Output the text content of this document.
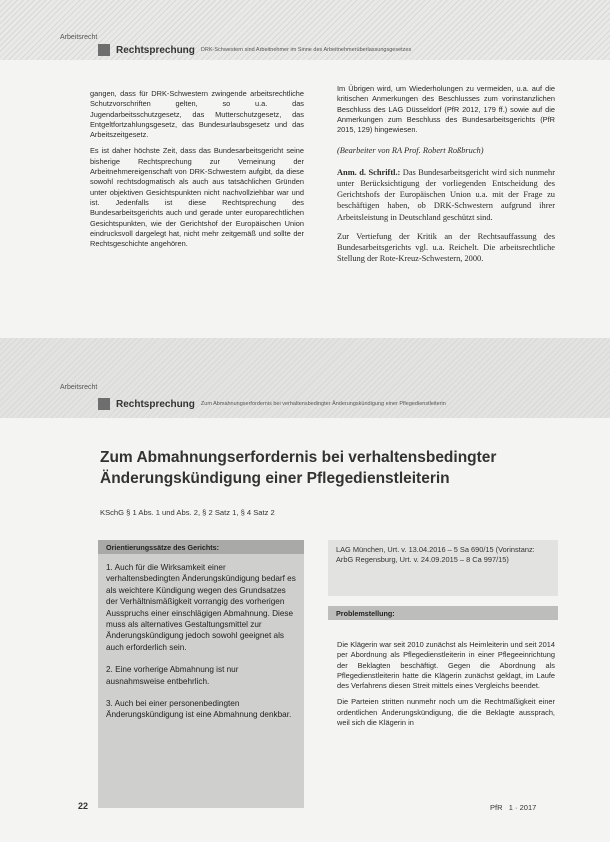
Arbeitsrecht
Rechtsprechung DRK-Schwestern sind Arbeitnehmer im Sinne des Arbeitnehmerüberlassungsgesetzes

gangen, dass für DRK-Schwestern zwingende arbeitsrechtliche Schutzvorschriften gelten, so u.a. das Jugendarbeitsschutzgesetz, das Mutterschutzgesetz, das Entgeltfortzahlungsgesetz, das Bundesurlaubsgesetz und das Arbeitszeitgesetz.

Es ist daher höchste Zeit, dass das Bundesarbeitsgericht seine bisherige Rechtsprechung zur Verneinung der Arbeitnehmereigenschaft von DRK-Schwestern aufgibt, da diese sowohl rechtsdogmatisch als auch aus tatsächlichen Gründen unter objektiven Gesichtspunkten nicht nachvollziehbar war und ist. Jedenfalls ist diese Rechtsprechung des Bundesarbeitsgerichts auch und gerade unter europarechtlichen Gesichtspunkten, wie der Gerichtshof der Europäischen Union eindrucksvoll dargelegt hat, nicht mehr zeitgemäß und sollte der Rechtsgeschichte angehören.

Im Übrigen wird, um Wiederholungen zu vermeiden, u.a. auf die kritischen Anmerkungen des Beschlusses zum vorinstanzlichen Beschluss des LAG Düsseldorf (PfR 2012, 179 ff.) sowie auf die Anmerkungen zum Beschluss des Bundesarbeitsgerichts (PfR 2015, 129) hingewiesen.

(Bearbeiter von RA Prof. Robert Roßbruch)

Anm. d. Schriftl.: Das Bundesarbeitsgericht wird sich nunmehr unter Berücksichtigung der vorliegenden Entscheidung des Gerichtshofs der Europäischen Union u.a. mit der Frage zu beschäftigen haben, ob DRK-Schwestern aufgrund ihrer Arbeitsleistung in Deutschland geschützt sind.

Zur Vertiefung der Kritik an der Rechtsauffassung des Bundesarbeitsgerichts vgl. u.a. Reichelt. Die arbeitsrechtliche Stellung der Rote-Kreuz-Schwestern, 2000.

Arbeitsrecht
Rechtsprechung Zum Abmahnungserfordernis bei verhaltensbedingter Änderungskündigung einer Pflegedienstleiterin
Zum Abmahnungserfordernis bei verhaltensbedingter Änderungskündigung einer Pflegedienstleiterin
KSchG § 1 Abs. 1 und Abs. 2, § 2 Satz 1, § 4 Satz 2
Orientierungssätze des Gerichts:

1. Auch für die Wirksamkeit einer verhaltensbedingten Änderungskündigung bedarf es als weichtere Kündigung wegen des Grundsatzes der Verhältnismäßigkeit vorrangig des vorherigen Ausspruchs einer einschlägigen Abmahnung. Diese muss als alternatives Gestaltungsmittel zur Änderungskündigung jedoch sowohl geeignet als auch erforderlich sein.

2. Eine vorherige Abmahnung ist nur ausnahmsweise entbehrlich.

3. Auch bei einer personenbedingten Änderungskündigung ist eine Abmahnung denkbar.

LAG München, Urt. v. 13.04.2016 – 5 Sa 690/15 (Vorinstanz: ArbG Regensburg, Urt. v. 24.09.2015 – 8 Ca 997/15)
Problemstellung:

Die Klägerin war seit 2010 zunächst als Heimleiterin und seit 2014 per Abordnung als Pflegedienstleiterin in einer Pflegeeinrichtung der Beklagten beschäftigt. Gegen die Abordnung als Pflegedienstleiterin hatte die Klägerin zunächst geklagt, im Laufe des Verfahrens diesen Streit mittels eines Vergleichs beendet.

Die Parteien stritten nunmehr noch um die Rechtmäßigkeit einer ordentlichen Änderungskündigung, die die Beklagte aussprach, weil sich die Klägerin in

22	PfR 1 · 2017
